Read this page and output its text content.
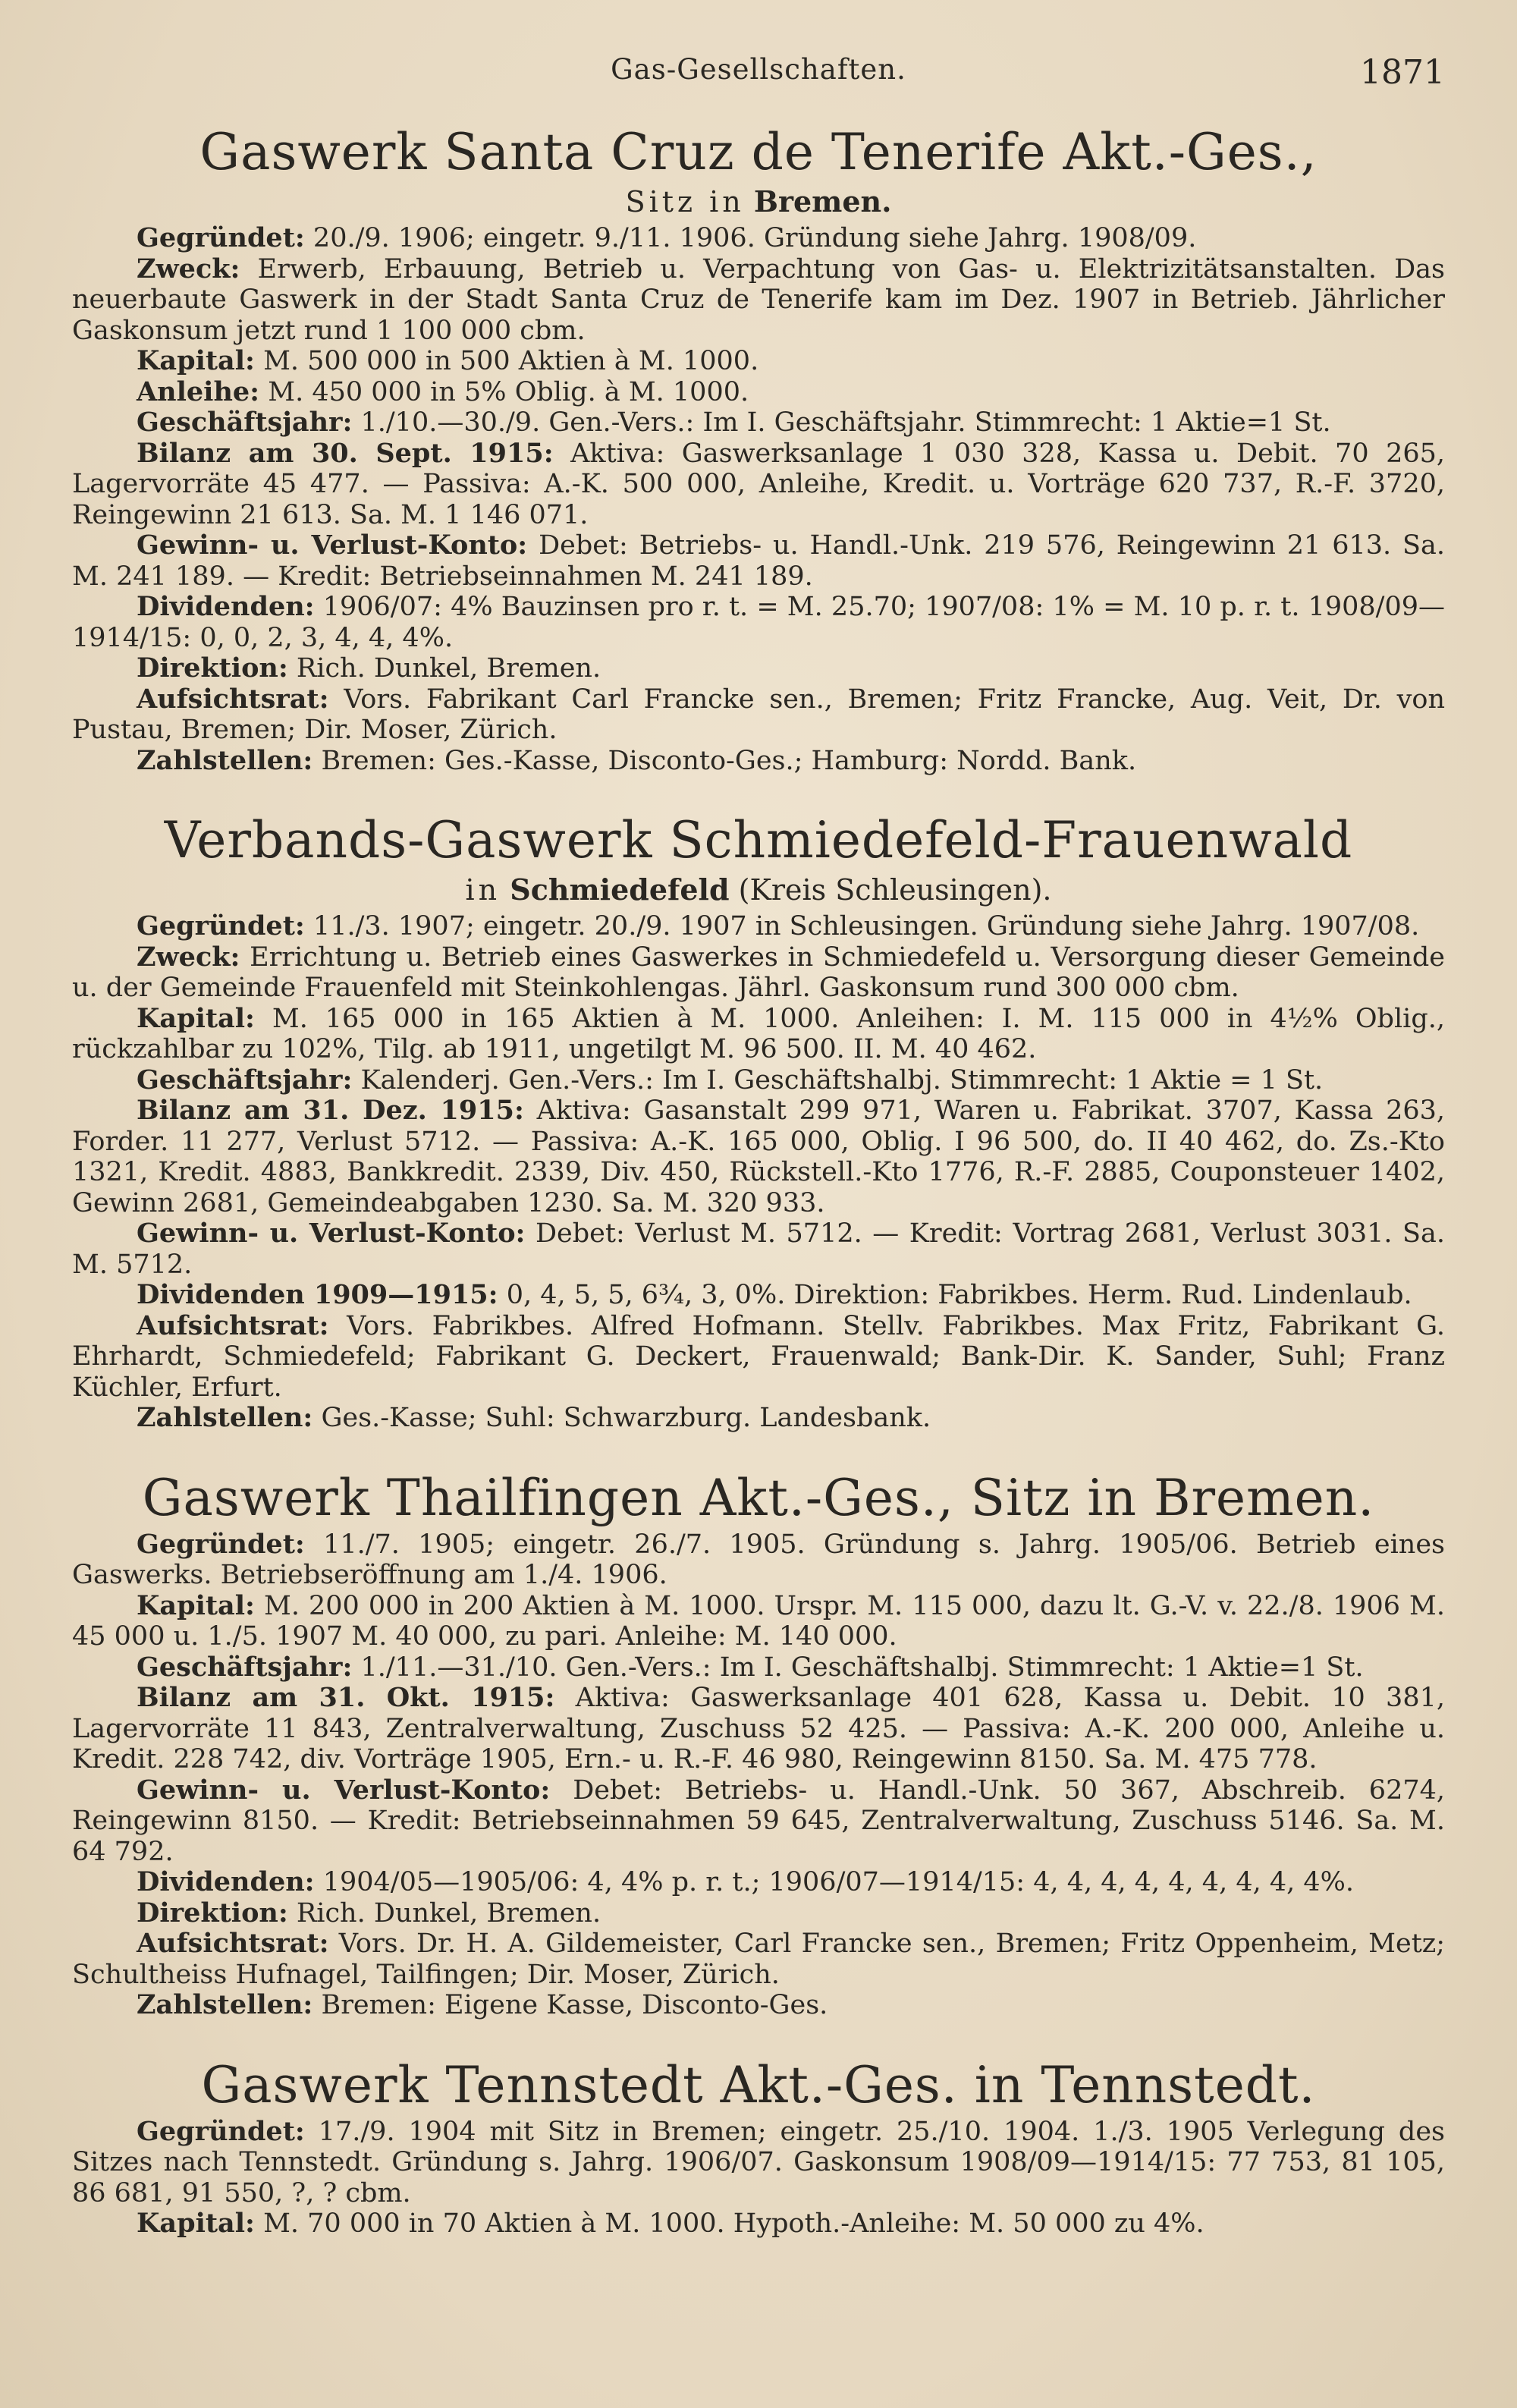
Gas-Gesellschaften.	1871
Gaswerk Santa Cruz de Tenerife Akt.-Ges.,
Sitz in Bremen.

Gegründet: 20./9. 1906; eingetr. 9./11. 1906. Gründung siehe Jahrg. 1908/09.

Zweck: Erwerb, Erbauung, Betrieb u. Verpachtung von Gas- u. Elektrizitätsanstalten. Das neuerbaute Gaswerk in der Stadt Santa Cruz de Tenerife kam im Dez. 1907 in Betrieb. Jährlicher Gaskonsum jetzt rund 1 100 000 cbm.

Kapital: M. 500 000 in 500 Aktien à M. 1000.

Anleihe: M. 450 000 in 5% Oblig. à M. 1000.

Geschäftsjahr: 1./10.—30./9. Gen.-Vers.: Im I. Geschäftsjahr. Stimmrecht: 1 Aktie=1 St.

Bilanz am 30. Sept. 1915: Aktiva: Gaswerksanlage 1 030 328, Kassa u. Debit. 70 265, Lagervorräte 45 477. — Passiva: A.-K. 500 000, Anleihe, Kredit. u. Vorträge 620 737, R.-F. 3720, Reingewinn 21 613. Sa. M. 1 146 071.

Gewinn- u. Verlust-Konto: Debet: Betriebs- u. Handl.-Unk. 219 576, Reingewinn 21 613. Sa. M. 241 189. — Kredit: Betriebseinnahmen M. 241 189.

Dividenden: 1906/07: 4% Bauzinsen pro r. t. = M. 25.70; 1907/08: 1% = M. 10 p. r. t. 1908/09—1914/15: 0, 0, 2, 3, 4, 4, 4%.

Direktion: Rich. Dunkel, Bremen.

Aufsichtsrat: Vors. Fabrikant Carl Francke sen., Bremen; Fritz Francke, Aug. Veit, Dr. von Pustau, Bremen; Dir. Moser, Zürich.

Zahlstellen: Bremen: Ges.-Kasse, Disconto-Ges.; Hamburg: Nordd. Bank.

Verbands-Gaswerk Schmiedefeld-Frauenwald
in Schmiedefeld (Kreis Schleusingen).

Gegründet: 11./3. 1907; eingetr. 20./9. 1907 in Schleusingen. Gründung siehe Jahrg. 1907/08.

Zweck: Errichtung u. Betrieb eines Gaswerkes in Schmiedefeld u. Versorgung dieser Gemeinde u. der Gemeinde Frauenfeld mit Steinkohlengas. Jährl. Gaskonsum rund 300 000 cbm.

Kapital: M. 165 000 in 165 Aktien à M. 1000. Anleihen: I. M. 115 000 in 4½% Oblig., rückzahlbar zu 102%, Tilg. ab 1911, ungetilgt M. 96 500. II. M. 40 462.

Geschäftsjahr: Kalenderj. Gen.-Vers.: Im I. Geschäftshalbj. Stimmrecht: 1 Aktie = 1 St.

Bilanz am 31. Dez. 1915: Aktiva: Gasanstalt 299 971, Waren u. Fabrikat. 3707, Kassa 263, Forder. 11 277, Verlust 5712. — Passiva: A.-K. 165 000, Oblig. I 96 500, do. II 40 462, do. Zs.-Kto 1321, Kredit. 4883, Bankkredit. 2339, Div. 450, Rückstell.-Kto 1776, R.-F. 2885, Couponsteuer 1402, Gewinn 2681, Gemeindeabgaben 1230. Sa. M. 320 933.

Gewinn- u. Verlust-Konto: Debet: Verlust M. 5712. — Kredit: Vortrag 2681, Verlust 3031. Sa. M. 5712.

Dividenden 1909—1915: 0, 4, 5, 5, 6¾, 3, 0%. Direktion: Fabrikbes. Herm. Rud. Lindenlaub.

Aufsichtsrat: Vors. Fabrikbes. Alfred Hofmann. Stellv. Fabrikbes. Max Fritz, Fabrikant G. Ehrhardt, Schmiedefeld; Fabrikant G. Deckert, Frauenwald; Bank-Dir. K. Sander, Suhl; Franz Küchler, Erfurt.

Zahlstellen: Ges.-Kasse; Suhl: Schwarzburg. Landesbank.

Gaswerk Thailfingen Akt.-Ges., Sitz in Bremen.

Gegründet: 11./7. 1905; eingetr. 26./7. 1905. Gründung s. Jahrg. 1905/06. Betrieb eines Gaswerks. Betriebseröffnung am 1./4. 1906.

Kapital: M. 200 000 in 200 Aktien à M. 1000. Urspr. M. 115 000, dazu lt. G.-V. v. 22./8. 1906 M. 45 000 u. 1./5. 1907 M. 40 000, zu pari. Anleihe: M. 140 000.

Geschäftsjahr: 1./11.—31./10. Gen.-Vers.: Im I. Geschäftshalbj. Stimmrecht: 1 Aktie=1 St.

Bilanz am 31. Okt. 1915: Aktiva: Gaswerksanlage 401 628, Kassa u. Debit. 10 381, Lagervorräte 11 843, Zentralverwaltung, Zuschuss 52 425. — Passiva: A.-K. 200 000, Anleihe u. Kredit. 228 742, div. Vorträge 1905, Ern.- u. R.-F. 46 980, Reingewinn 8150. Sa. M. 475 778.

Gewinn- u. Verlust-Konto: Debet: Betriebs- u. Handl.-Unk. 50 367, Abschreib. 6274, Reingewinn 8150. — Kredit: Betriebseinnahmen 59 645, Zentralverwaltung, Zuschuss 5146. Sa. M. 64 792.

Dividenden: 1904/05—1905/06: 4, 4% p. r. t.; 1906/07—1914/15: 4, 4, 4, 4, 4, 4, 4, 4, 4%.

Direktion: Rich. Dunkel, Bremen.

Aufsichtsrat: Vors. Dr. H. A. Gildemeister, Carl Francke sen., Bremen; Fritz Oppenheim, Metz; Schultheiss Hufnagel, Tailfingen; Dir. Moser, Zürich.

Zahlstellen: Bremen: Eigene Kasse, Disconto-Ges.

Gaswerk Tennstedt Akt.-Ges. in Tennstedt.

Gegründet: 17./9. 1904 mit Sitz in Bremen; eingetr. 25./10. 1904. 1./3. 1905 Verlegung des Sitzes nach Tennstedt. Gründung s. Jahrg. 1906/07. Gaskonsum 1908/09—1914/15: 77 753, 81 105, 86 681, 91 550, ?, ? cbm.

Kapital: M. 70 000 in 70 Aktien à M. 1000. Hypoth.-Anleihe: M. 50 000 zu 4%.
